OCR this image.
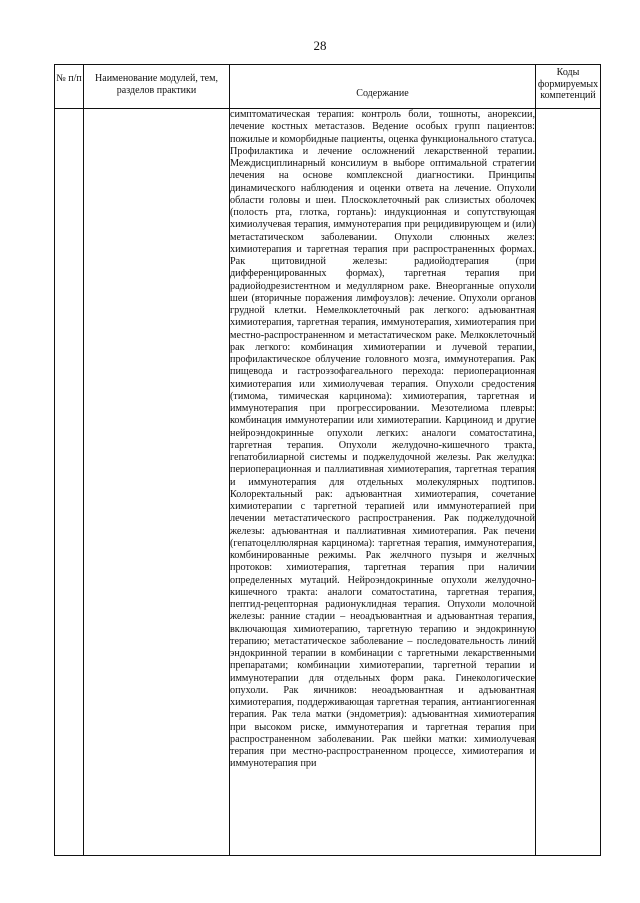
28
№ п/п	Наименование модулей, тем, разделов практики	Содержание	Коды формируемых компетенций

		симптоматическая терапия: контроль боли, тошноты, анорексии, лечение костных метастазов. Ведение особых групп пациентов: пожилые и коморбидные пациенты, оценка функционального статуса. Профилактика и лечение осложнений лекарственной терапии. Междисциплинарный консилиум в выборе оптимальной стратегии лечения на основе комплексной диагностики. Принципы динамического наблюдения и оценки ответа на лечение. Опухоли области головы и шеи. Плоскоклеточный рак слизистых оболочек (полость рта, глотка, гортань): индукционная и сопутствующая химиолучевая терапия, иммунотерапия при рецидивирующем и (или) метастатическом заболевании. Опухоли слюнных желез: химиотерапия и таргетная терапия при распространенных формах. Рак щитовидной железы: радиойодтерапия (при дифференцированных формах), таргетная терапия при радиойодрезистентном и медуллярном раке. Внеорганные опухоли шеи (вторичные поражения лимфоузлов): лечение. Опухоли органов грудной клетки. Немелкоклеточный рак легкого: адъювантная химиотерапия, таргетная терапия, иммунотерапия, химиотерапия при местно-распространенном и метастатическом раке. Мелкоклеточный рак легкого: комбинация химиотерапии и лучевой терапии, профилактическое облучение головного мозга, иммунотерапия. Рак пищевода и гастроэзофагеального перехода: периоперационная химиотерапия или химиолучевая терапия. Опухоли средостения (тимома, тимическая карцинома): химиотерапия, таргетная и иммунотерапия при прогрессировании. Мезотелиома плевры: комбинация иммунотерапии или химиотерапии. Карциноид и другие нейроэндокринные опухоли легких: аналоги соматостатина, таргетная терапия. Опухоли желудочно-кишечного тракта, гепатобилиарной системы и поджелудочной железы. Рак желудка: периоперационная и паллиативная химиотерапия, таргетная терапия и иммунотерапия для отдельных молекулярных подтипов. Колоректальный рак: адъювантная химиотерапия, сочетание химиотерапии с таргетной терапией или иммунотерапией при лечении метастатического распространения. Рак поджелудочной железы: адъювантная и паллиативная химиотерапия. Рак печени (гепатоцеллюлярная карцинома): таргетная терапия, иммунотерапия, комбинированные режимы. Рак желчного пузыря и желчных протоков: химиотерапия, таргетная терапия при наличии определенных мутаций. Нейроэндокринные опухоли желудочно-кишечного тракта: аналоги соматостатина, таргетная терапия, пептид-рецепторная радионуклидная терапия. Опухоли молочной железы: ранние стадии – неоадъювантная и адъювантная терапия, включающая химиотерапию, таргетную терапию и эндокринную терапию; метастатическое заболевание – последовательность линий эндокринной терапии в комбинации с таргетными лекарственными препаратами; комбинации химиотерапии, таргетной терапии и иммунотерапии для отдельных форм рака. Гинекологические опухоли. Рак яичников: неоадъювантная и адъювантная химиотерапия, поддерживающая таргетная терапия, антиангиогенная терапия. Рак тела матки (эндометрия): адъювантная химиотерапия при высоком риске, иммунотерапия и таргетная терапия при распространенном заболевании. Рак шейки матки: химиолучевая терапия при местно-распространенном процессе, химиотерапия и иммунотерапия при	
